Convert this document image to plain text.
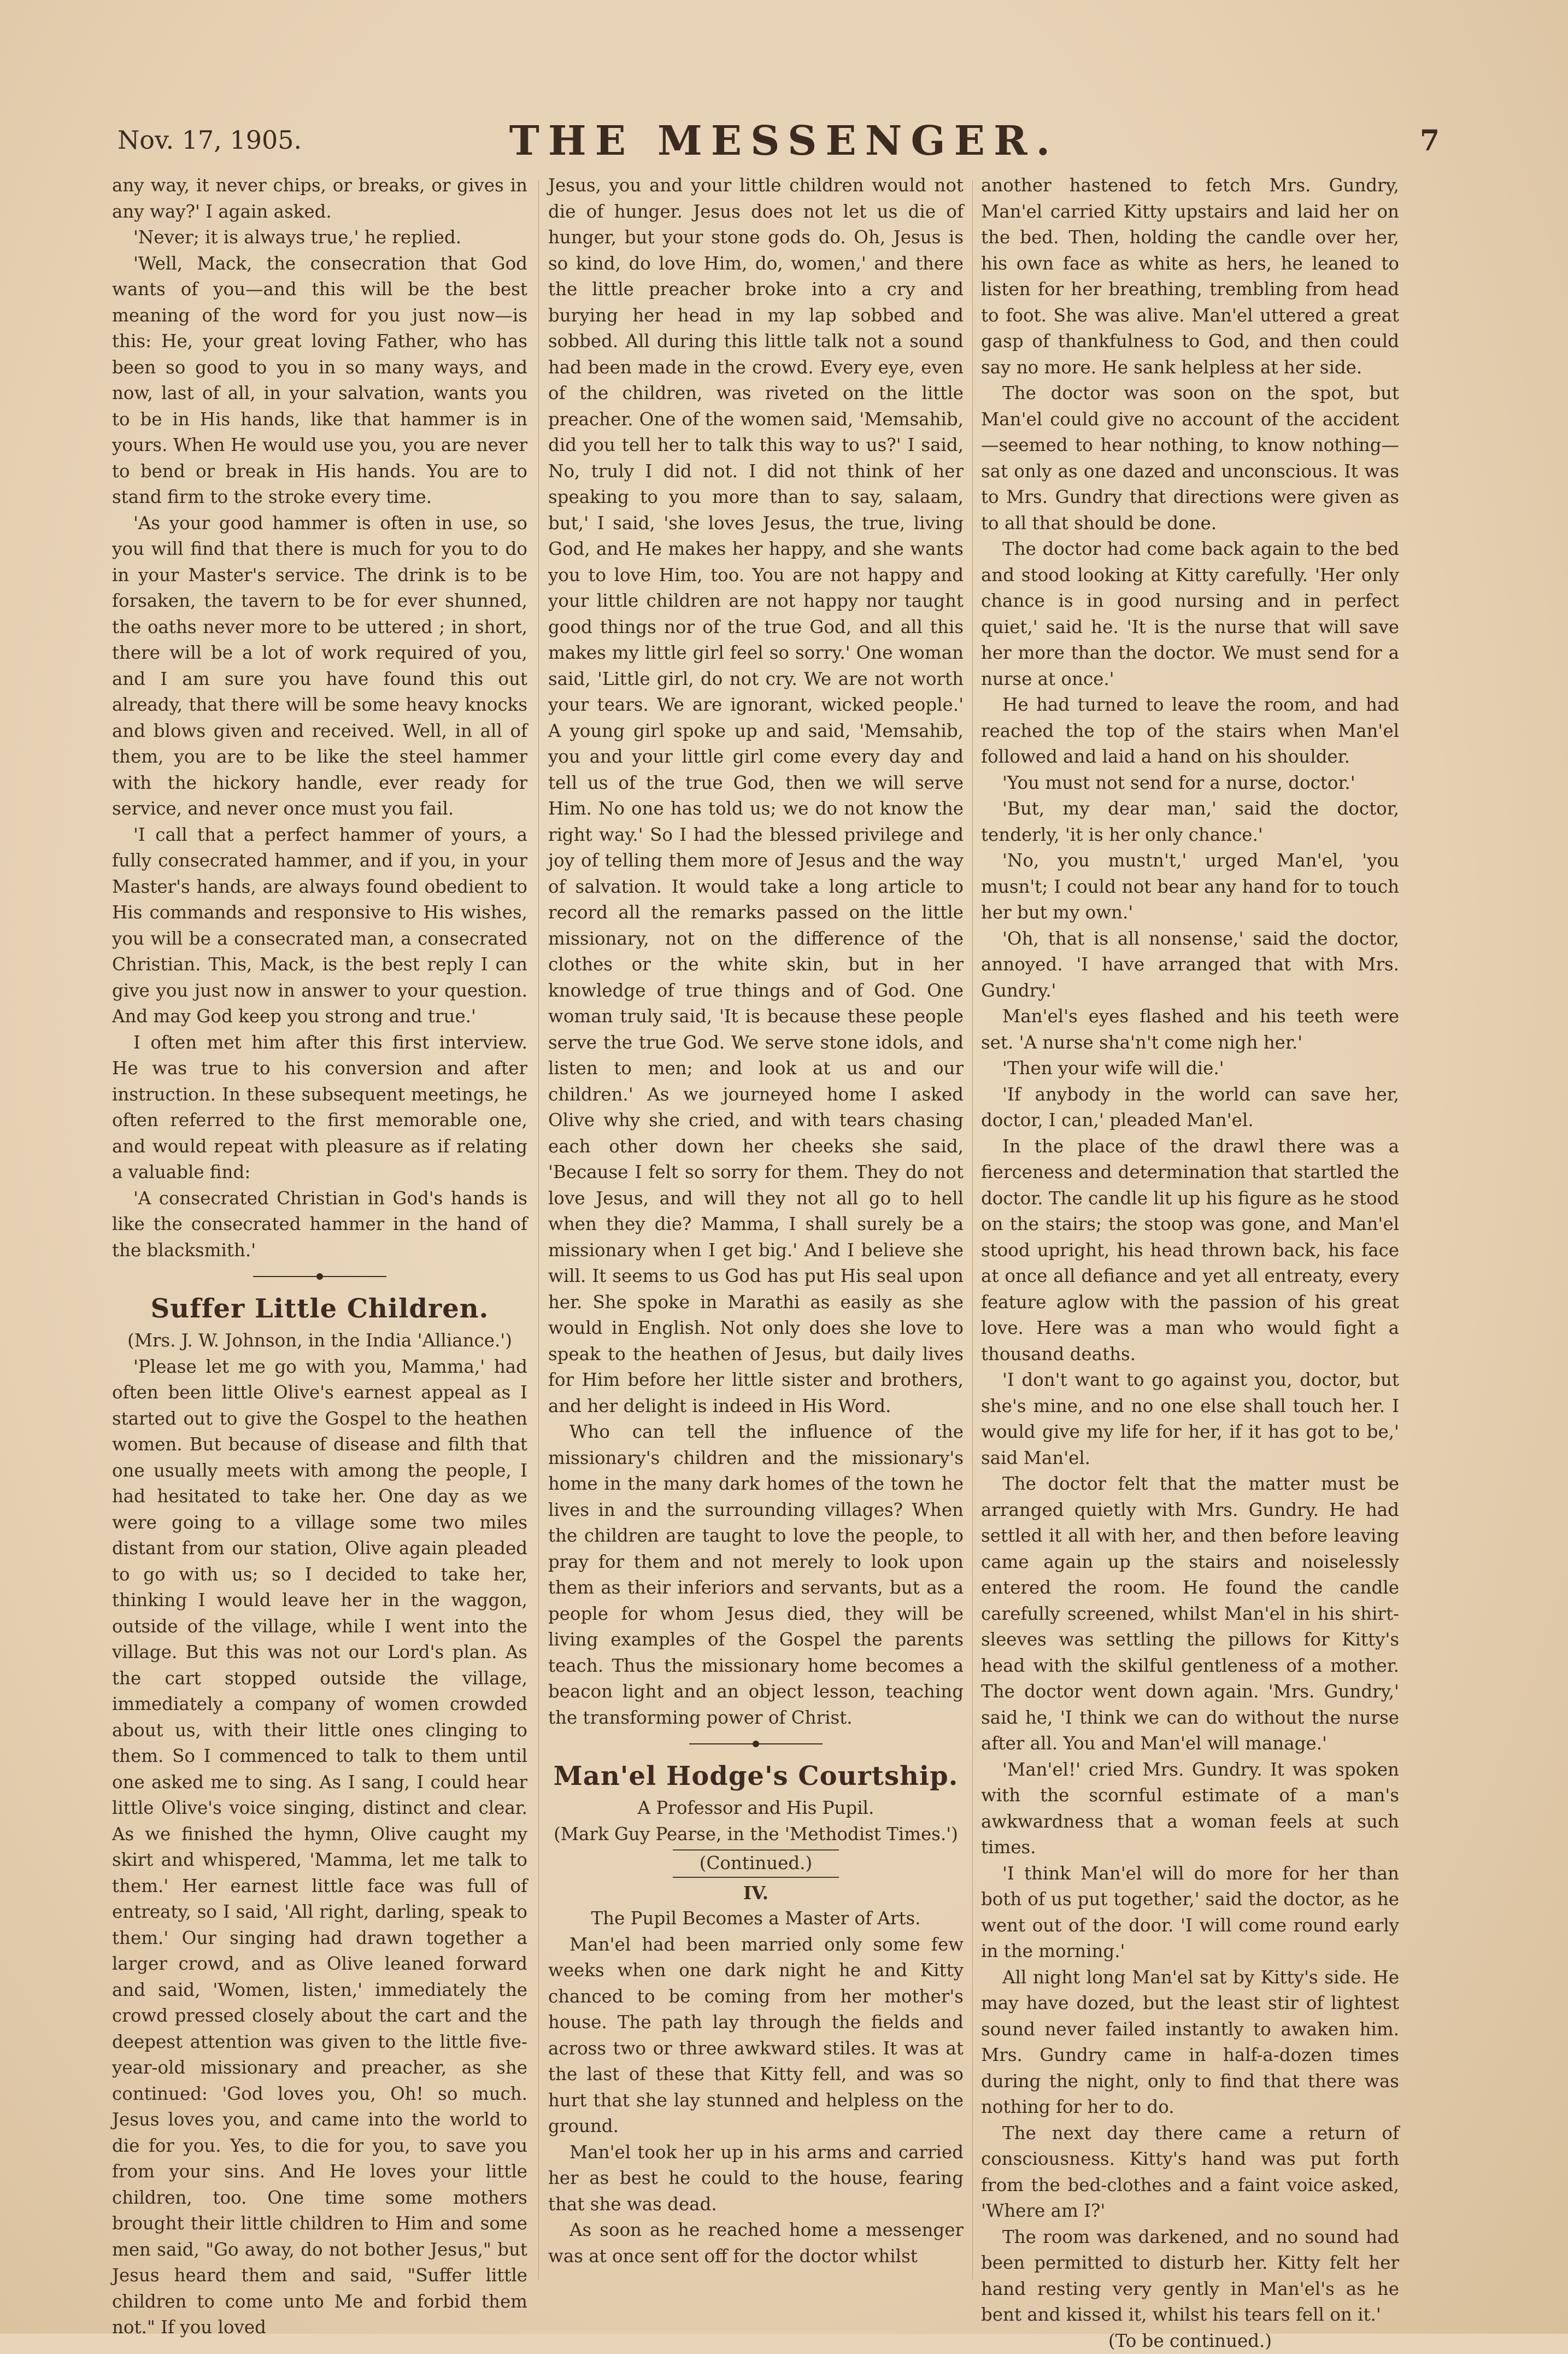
Nov. 17, 1905.	THE MESSENGER.	7

any way, it never chips, or breaks, or gives in any way?' I again asked.

'Never; it is always true,' he replied.

'Well, Mack, the consecration that God wants of you—and this will be the best meaning of the word for you just now—is this: He, your great loving Father, who has been so good to you in so many ways, and now, last of all, in your salvation, wants you to be in His hands, like that hammer is in yours. When He would use you, you are never to bend or break in His hands. You are to stand firm to the stroke every time.

'As your good hammer is often in use, so you will find that there is much for you to do in your Master's service. The drink is to be forsaken, the tavern to be for ever shunned, the oaths never more to be uttered ; in short, there will be a lot of work required of you, and I am sure you have found this out already, that there will be some heavy knocks and blows given and received. Well, in all of them, you are to be like the steel hammer with the hickory handle, ever ready for service, and never once must you fail.

'I call that a perfect hammer of yours, a fully consecrated hammer, and if you, in your Master's hands, are always found obedient to His commands and responsive to His wishes, you will be a consecrated man, a consecrated Christian. This, Mack, is the best reply I can give you just now in answer to your question. And may God keep you strong and true.'

I often met him after this first interview. He was true to his conversion and after instruction. In these subsequent meetings, he often referred to the first memorable one, and would repeat with pleasure as if relating a valuable find:

'A consecrated Christian in God's hands is like the consecrated hammer in the hand of the blacksmith.'

Suffer Little Children.

(Mrs. J. W. Johnson, in the India 'Alliance.')

'Please let me go with you, Mamma,' had often been little Olive's earnest appeal as I started out to give the Gospel to the heathen women. But because of disease and filth that one usually meets with among the people, I had hesitated to take her. One day as we were going to a village some two miles distant from our station, Olive again pleaded to go with us; so I decided to take her, thinking I would leave her in the waggon, outside of the village, while I went into the village. But this was not our Lord's plan. As the cart stopped outside the village, immediately a company of women crowded about us, with their little ones clinging to them. So I commenced to talk to them until one asked me to sing. As I sang, I could hear little Olive's voice singing, distinct and clear. As we finished the hymn, Olive caught my skirt and whispered, 'Mamma, let me talk to them.' Her earnest little face was full of entreaty, so I said, 'All right, darling, speak to them.' Our singing had drawn together a larger crowd, and as Olive leaned forward and said, 'Women, listen,' immediately the crowd pressed closely about the cart and the deepest attention was given to the little five-year-old missionary and preacher, as she continued: 'God loves you, Oh! so much. Jesus loves you, and came into the world to die for you. Yes, to die for you, to save you from your sins. And He loves your little children, too. One time some mothers brought their little children to Him and some men said, "Go away, do not bother Jesus," but Jesus heard them and said, "Suffer little children to come unto Me and forbid them not." If you loved

Jesus, you and your little children would not die of hunger. Jesus does not let us die of hunger, but your stone gods do. Oh, Jesus is so kind, do love Him, do, women,' and there the little preacher broke into a cry and burying her head in my lap sobbed and sobbed. All during this little talk not a sound had been made in the crowd. Every eye, even of the children, was riveted on the little preacher. One of the women said, 'Memsahib, did you tell her to talk this way to us?' I said, No, truly I did not. I did not think of her speaking to you more than to say, salaam, but,' I said, 'she loves Jesus, the true, living God, and He makes her happy, and she wants you to love Him, too. You are not happy and your little children are not happy nor taught good things nor of the true God, and all this makes my little girl feel so sorry.' One woman said, 'Little girl, do not cry. We are not worth your tears. We are ignorant, wicked people.' A young girl spoke up and said, 'Memsahib, you and your little girl come every day and tell us of the true God, then we will serve Him. No one has told us; we do not know the right way.' So I had the blessed privilege and joy of telling them more of Jesus and the way of salvation. It would take a long article to record all the remarks passed on the little missionary, not on the difference of the clothes or the white skin, but in her knowledge of true things and of God. One woman truly said, 'It is because these people serve the true God. We serve stone idols, and listen to men; and look at us and our children.' As we journeyed home I asked Olive why she cried, and with tears chasing each other down her cheeks she said, 'Because I felt so sorry for them. They do not love Jesus, and will they not all go to hell when they die? Mamma, I shall surely be a missionary when I get big.' And I believe she will. It seems to us God has put His seal upon her. She spoke in Marathi as easily as she would in English. Not only does she love to speak to the heathen of Jesus, but daily lives for Him before her little sister and brothers, and her delight is indeed in His Word.

Who can tell the influence of the missionary's children and the missionary's home in the many dark homes of the town he lives in and the surrounding villages? When the children are taught to love the people, to pray for them and not merely to look upon them as their inferiors and servants, but as a people for whom Jesus died, they will be living examples of the Gospel the parents teach. Thus the missionary home becomes a beacon light and an object lesson, teaching the transforming power of Christ.

Man'el Hodge's Courtship.

A Professor and His Pupil.

(Mark Guy Pearse, in the 'Methodist Times.')

(Continued.)

IV.

The Pupil Becomes a Master of Arts.

Man'el had been married only some few weeks when one dark night he and Kitty chanced to be coming from her mother's house. The path lay through the fields and across two or three awkward stiles. It was at the last of these that Kitty fell, and was so hurt that she lay stunned and helpless on the ground.

Man'el took her up in his arms and carried her as best he could to the house, fearing that she was dead.

As soon as he reached home a messenger was at once sent off for the doctor whilst

another hastened to fetch Mrs. Gundry, Man'el carried Kitty upstairs and laid her on the bed. Then, holding the candle over her, his own face as white as hers, he leaned to listen for her breathing, trembling from head to foot. She was alive. Man'el uttered a great gasp of thankfulness to God, and then could say no more. He sank helpless at her side.

The doctor was soon on the spot, but Man'el could give no account of the accident—seemed to hear nothing, to know nothing—sat only as one dazed and unconscious. It was to Mrs. Gundry that directions were given as to all that should be done.

The doctor had come back again to the bed and stood looking at Kitty carefully. 'Her only chance is in good nursing and in perfect quiet,' said he. 'It is the nurse that will save her more than the doctor. We must send for a nurse at once.'

He had turned to leave the room, and had reached the top of the stairs when Man'el followed and laid a hand on his shoulder.

'You must not send for a nurse, doctor.'

'But, my dear man,' said the doctor, tenderly, 'it is her only chance.'

'No, you mustn't,' urged Man'el, 'you musn't; I could not bear any hand for to touch her but my own.'

'Oh, that is all nonsense,' said the doctor, annoyed. 'I have arranged that with Mrs. Gundry.'

Man'el's eyes flashed and his teeth were set. 'A nurse sha'n't come nigh her.'

'Then your wife will die.'

'If anybody in the world can save her, doctor, I can,' pleaded Man'el.

In the place of the drawl there was a fierceness and determination that startled the doctor. The candle lit up his figure as he stood on the stairs; the stoop was gone, and Man'el stood upright, his head thrown back, his face at once all defiance and yet all entreaty, every feature aglow with the passion of his great love. Here was a man who would fight a thousand deaths.

'I don't want to go against you, doctor, but she's mine, and no one else shall touch her. I would give my life for her, if it has got to be,' said Man'el.

The doctor felt that the matter must be arranged quietly with Mrs. Gundry. He had settled it all with her, and then before leaving came again up the stairs and noiselessly entered the room. He found the candle carefully screened, whilst Man'el in his shirt-sleeves was settling the pillows for Kitty's head with the skilful gentleness of a mother. The doctor went down again. 'Mrs. Gundry,' said he, 'I think we can do without the nurse after all. You and Man'el will manage.'

'Man'el!' cried Mrs. Gundry. It was spoken with the scornful estimate of a man's awkwardness that a woman feels at such times.

'I think Man'el will do more for her than both of us put together,' said the doctor, as he went out of the door. 'I will come round early in the morning.'

All night long Man'el sat by Kitty's side. He may have dozed, but the least stir of lightest sound never failed instantly to awaken him. Mrs. Gundry came in half-a-dozen times during the night, only to find that there was nothing for her to do.

The next day there came a return of consciousness. Kitty's hand was put forth from the bed-clothes and a faint voice asked, 'Where am I?'

The room was darkened, and no sound had been permitted to disturb her. Kitty felt her hand resting very gently in Man'el's as he bent and kissed it, whilst his tears fell on it.'

(To be continued.)
